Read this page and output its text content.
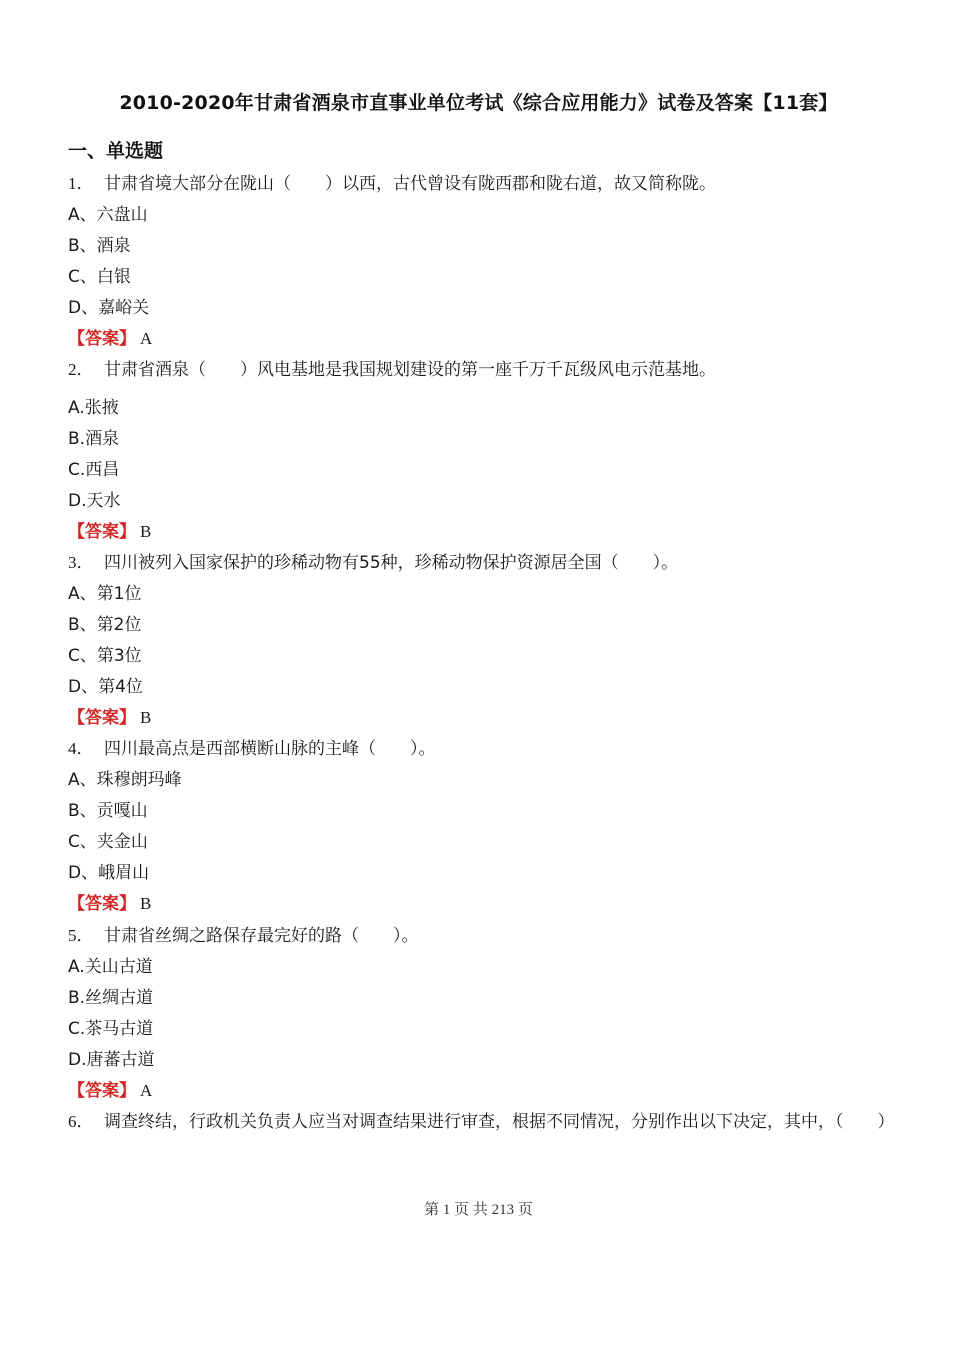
2010-2020年甘肃省酒泉市直事业单位考试《综合应用能力》试卷及答案【11套】
一、单选题
1． 甘肃省境大部分在陇山（　　）以西，古代曾设有陇西郡和陇右道，故又简称陇。
A、六盘山
B、酒泉
C、白银
D、嘉峪关
【答案】 A
2． 甘肃省酒泉（　　）风电基地是我国规划建设的第一座千万千瓦级风电示范基地。
A.张掖
B.酒泉
C.西昌
D.天水
【答案】 B
3． 四川被列入国家保护的珍稀动物有55种，珍稀动物保护资源居全国（　　）。
A、第1位
B、第2位
C、第3位
D、第4位
【答案】 B
4． 四川最高点是西部横断山脉的主峰（　　）。
A、珠穆朗玛峰
B、贡嘎山
C、夹金山
D、峨眉山
【答案】 B
5． 甘肃省丝绸之路保存最完好的路（　　）。
A.关山古道
B.丝绸古道
C.茶马古道
D.唐蕃古道
【答案】 A
6． 调查终结，行政机关负责人应当对调查结果进行审查，根据不同情况，分别作出以下决定，其中，（　　）
第 1 页 共 213 页
